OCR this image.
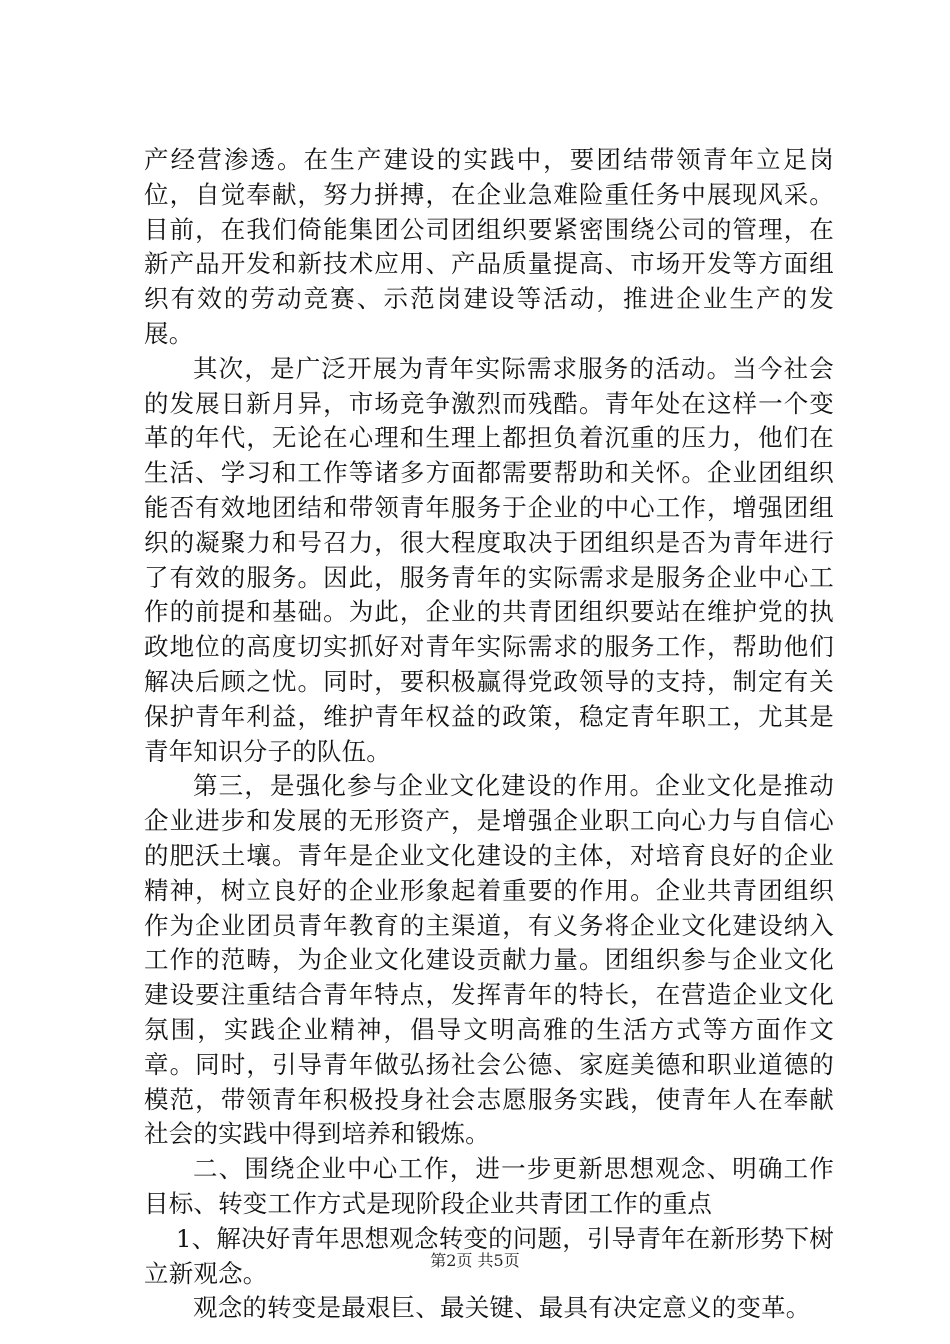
产经营渗透。在生产建设的实践中，要团结带领青年立足岗位，自觉奉献，努力拼搏，在企业急难险重任务中展现风采。目前，在我们倚能集团公司团组织要紧密围绕公司的管理，在新产品开发和新技术应用、产品质量提高、市场开发等方面组织有效的劳动竞赛、示范岗建设等活动，推进企业生产的发展。

其次，是广泛开展为青年实际需求服务的活动。当今社会的发展日新月异，市场竞争激烈而残酷。青年处在这样一个变革的年代，无论在心理和生理上都担负着沉重的压力，他们在生活、学习和工作等诸多方面都需要帮助和关怀。企业团组织能否有效地团结和带领青年服务于企业的中心工作，增强团组织的凝聚力和号召力，很大程度取决于团组织是否为青年进行了有效的服务。因此，服务青年的实际需求是服务企业中心工作的前提和基础。为此，企业的共青团组织要站在维护党的执政地位的高度切实抓好对青年实际需求的服务工作，帮助他们解决后顾之忧。同时，要积极赢得党政领导的支持，制定有关保护青年利益，维护青年权益的政策，稳定青年职工，尤其是青年知识分子的队伍。

第三，是强化参与企业文化建设的作用。企业文化是推动企业进步和发展的无形资产，是增强企业职工向心力与自信心的肥沃土壤。青年是企业文化建设的主体，对培育良好的企业精神，树立良好的企业形象起着重要的作用。企业共青团组织作为企业团员青年教育的主渠道，有义务将企业文化建设纳入工作的范畴，为企业文化建设贡献力量。团组织参与企业文化建设要注重结合青年特点，发挥青年的特长，在营造企业文化氛围，实践企业精神，倡导文明高雅的生活方式等方面作文章。同时，引导青年做弘扬社会公德、家庭美德和职业道德的模范，带领青年积极投身社会志愿服务实践，使青年人在奉献社会的实践中得到培养和锻炼。

二、围绕企业中心工作，进一步更新思想观念、明确工作目标、转变工作方式是现阶段企业共青团工作的重点

1、解决好青年思想观念转变的问题，引导青年在新形势下树立新观念。

观念的转变是最艰巨、最关键、最具有决定意义的变革。

第2页 共5页
